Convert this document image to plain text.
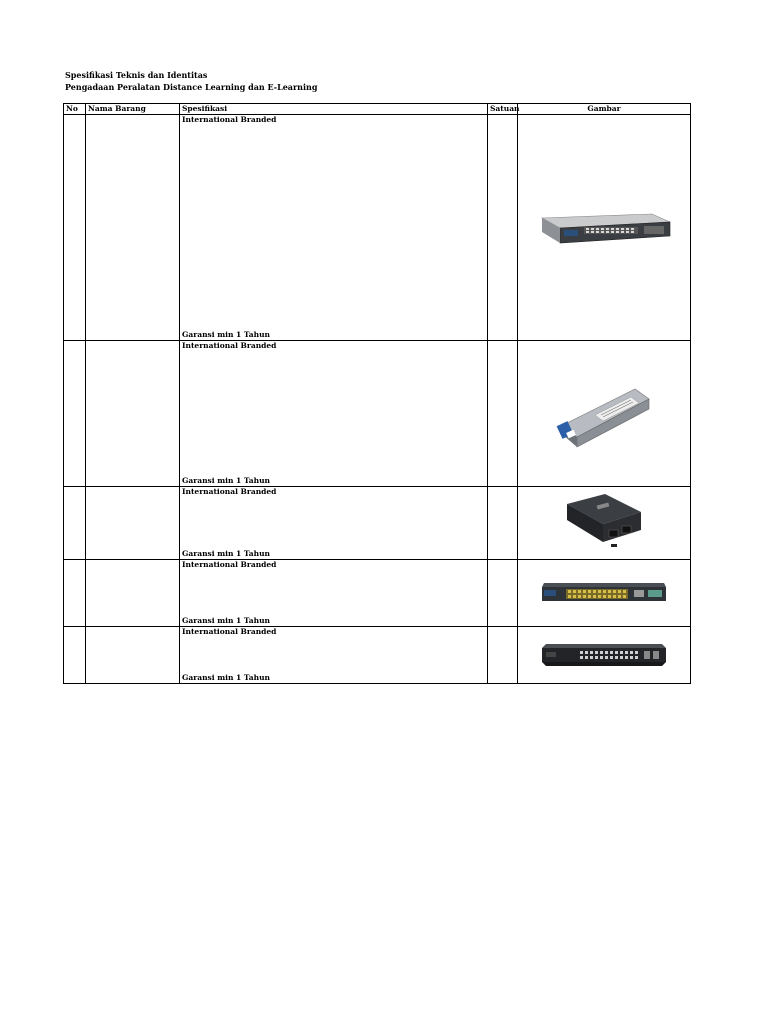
Spesifikasi Teknis dan Identitas
Pengadaan Peralatan Distance Learning dan E-Learning
No	Nama Barang	Spesifikasi	Satuan	Gambar

		International Branded
Garansi min 1 Tahun

		International Branded
Garansi min 1 Tahun

		International Branded
Garansi min 1 Tahun

		International Branded
Garansi min 1 Tahun

		International Branded
Garansi min 1 Tahun
